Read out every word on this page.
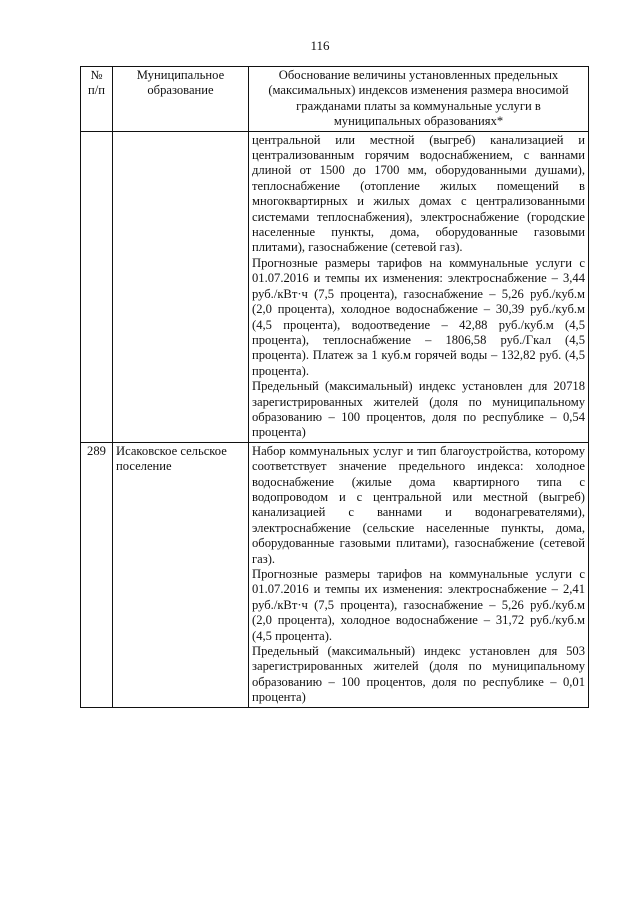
116
№ п/п	Муниципальное образование	Обоснование величины установленных предельных (максимальных) индексов изменения размера вносимой гражданами платы за коммунальные услуги в муниципальных образованиях*

		центральной или местной (выгреб) канализацией и централизованным горячим водоснабжением, с ваннами длиной от 1500 до 1700 мм, оборудованными душами), теплоснабжение (отопление жилых помещений в многоквартирных и жилых домах с централизованными системами теплоснабжения), электроснабжение (городские населенные пункты, дома, оборудованные газовыми плитами), газоснабжение (сетевой газ).

Прогнозные размеры тарифов на коммунальные услуги с 01.07.2016 и темпы их изменения: электроснабжение – 3,44 руб./кВт·ч (7,5 процента), газоснабжение – 5,26 руб./куб.м (2,0 процента), холодное водоснабжение – 30,39 руб./куб.м (4,5 процента), водоотведение – 42,88 руб./куб.м (4,5 процента), теплоснабжение – 1806,58 руб./Гкал (4,5 процента). Платеж за 1 куб.м горячей воды – 132,82 руб. (4,5 процента).

Предельный (максимальный) индекс установлен для 20718 зарегистрированных жителей (доля по муниципальному образованию – 100 процентов, доля по республике – 0,54 процента)

289	Исаковское сельское поселение	Набор коммунальных услуг и тип благоустройства, которому соответствует значение предельного индекса: холодное водоснабжение (жилые дома квартирного типа с водопроводом и с центральной или местной (выгреб) канализацией с ваннами и водонагревателями), электроснабжение (сельские населенные пункты, дома, оборудованные газовыми плитами), газоснабжение (сетевой газ).

Прогнозные размеры тарифов на коммунальные услуги с 01.07.2016 и темпы их изменения: электроснабжение – 2,41 руб./кВт·ч (7,5 процента), газоснабжение – 5,26 руб./куб.м (2,0 процента), холодное водоснабжение – 31,72 руб./куб.м (4,5 процента).

Предельный (максимальный) индекс установлен для 503 зарегистрированных жителей (доля по муниципальному образованию – 100 процентов, доля по республике – 0,01 процента)
